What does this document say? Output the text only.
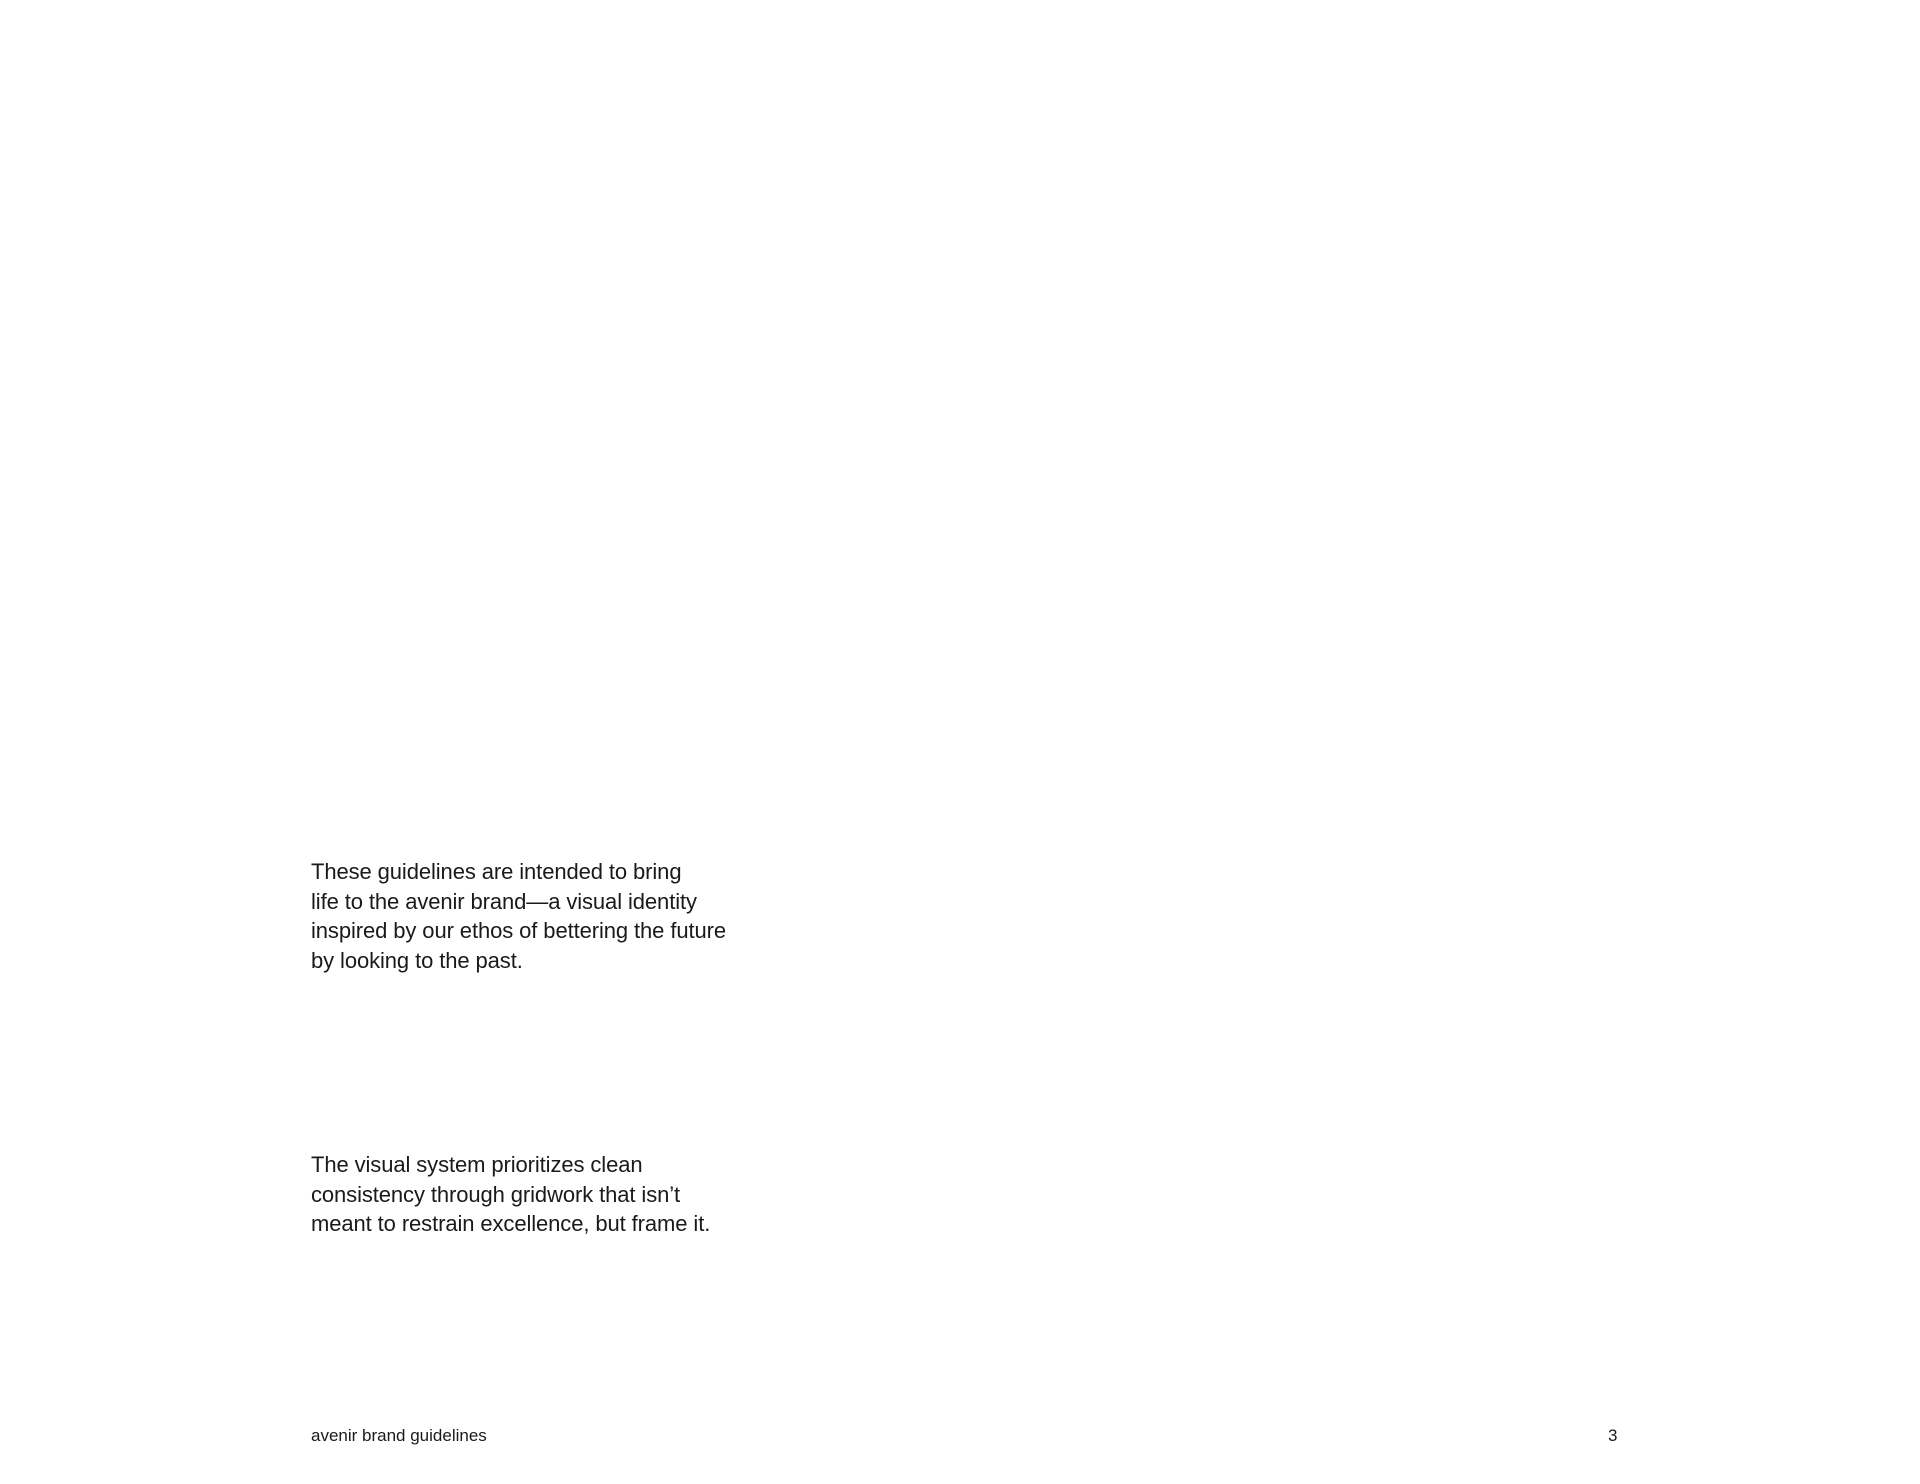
These guidelines are intended to bring
life to the avenir brand—a visual identity
inspired by our ethos of bettering the future
by looking to the past.

The visual system prioritizes clean
consistency through gridwork that isn’t
meant to restrain excellence, but frame it.

avenir brand guidelines	3
